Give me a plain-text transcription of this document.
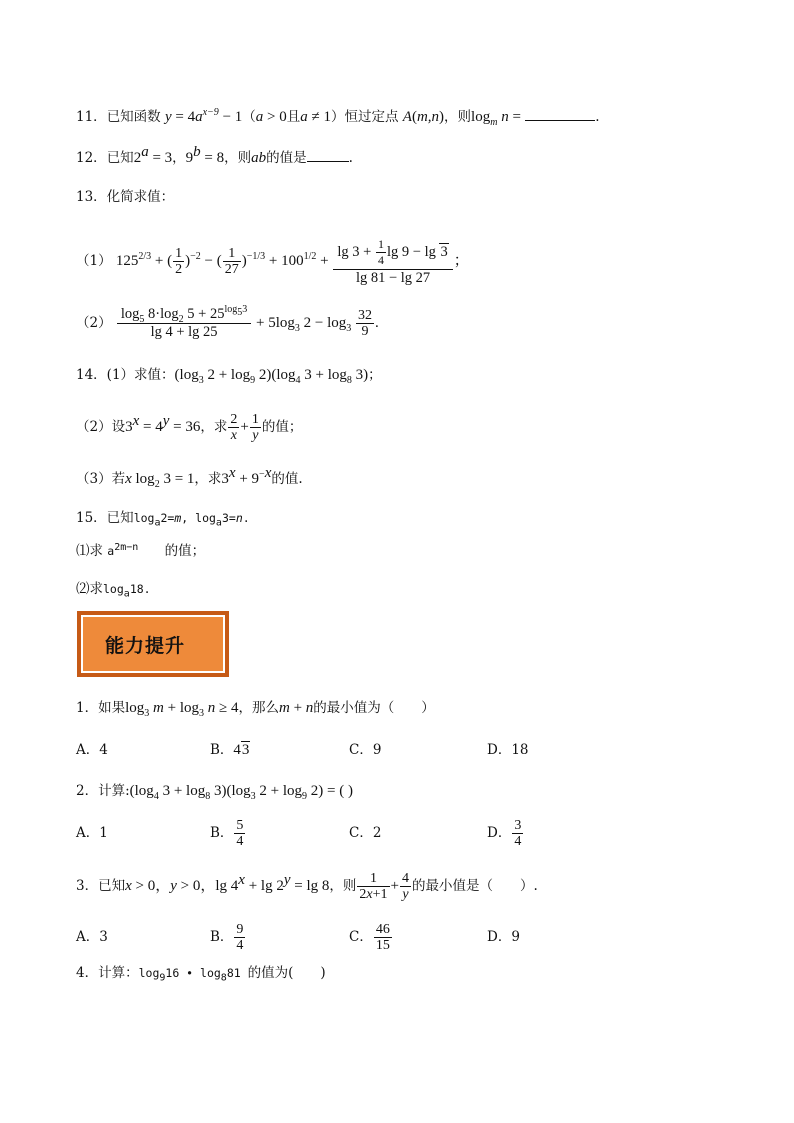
11．已知函数 $y = 4a^{x-9} - 1(a > 0$且a ≠ 1）恒过定点 A(m,n)，则$\log_m n$ =	.
12．已知$2^a = 3$，$9^b = 8$，则ab的值是	.
13．化简求值：
（1） $125^{2/3}$ + ( $\frac{1}{2} )^{-2}$ − ( $\frac{1}{27} )^{-1/3} + 100^{1/2} + \frac{\lg 3 + \frac{1}{4} \lg 9 - \lg 3}{\lg 81 - \lg 27}$ ；
$(2) \frac{\log_5 8\cdot\log_2 5 + 25^{log_53}}{\lg 4 + \lg 25} + 5\log_3$ $2 - \log_3 \frac{32}{9}$ .
14．(1）求值：($\log_3$ $2 + \log_9 2)(\log_4$ $3 + \log_8 3$)；
（2）设$3^x = 4^y = 36$，求 $\frac{2}{x} + \frac{1}{y}$ 的值；
（3）若x $\log_2 3 = 1$，求$3^x + 9^{-x}$的值.
15．已知$\log_a2=m$, $\log_a3=n$.
⑴求 $a^{2m-n}$ 的值；
⑵求$\log_a18$.
能力提升
1．如果$\log_3 m + \log_3 n \ge 4$，那么m + n的最小值为（　　）
A．4	B．43	C．9	D．18
2．计算$:(\log_4$ $3 + \log_8 3)(\log_3$ $2 + \log_9 2$) = ( )
A．1	B． $\frac{5}{4}$	C．2	D． $\frac{3}{4}$
3．已知x > 0，y > 0，$\lg 4^x + \lg 2^y = \lg 8$，则 $\frac{1}{2x+1} + \frac{4}{y}$ 的最小值是（　　）.
A．3	B． $\frac{9}{4}$	C． $\frac{46}{15}$	D．9
4．计算：$\log_916$ • $\log_881$ 的值为(　　)
